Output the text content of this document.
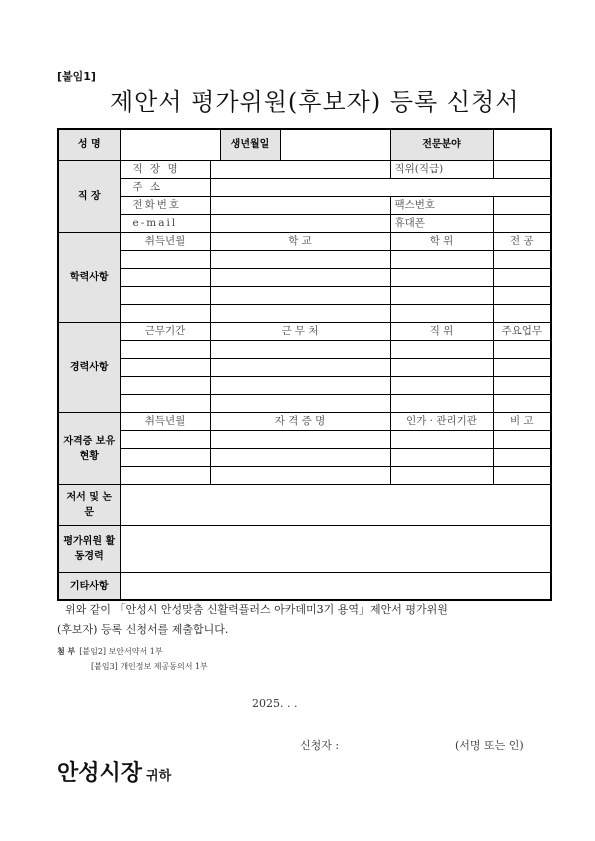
[붙임1]
제안서 평가위원(후보자) 등록 신청서
성 명			생년월일		전문분야	
직 장	직 장 명				직위(직급)	
	주 소					
	전화번호				팩스번호	
	e-mail				휴대폰	
학력사항	취득년월	학 교			학 위	전 공

경력사항	근무기간	근 무 처			직 위	주요업무

자격증 보유현황	취득년월	자 격 증 명			인가 · 관리기관	비 고

저서 및 논문						
평가위원 활동경력						
기타사항						
위와 같이 「안성시 안성맞춤 신활력플러스 아카데미3기 용역」제안서 평가위원
(후보자) 등록 신청서를 제출합니다.
첨 부 [붙임2] 보안서약서 1부
[붙임3] 개인정보 제공동의서 1부
2025. . .
신청자 :	(서명 또는 인)
안성시장 귀하
